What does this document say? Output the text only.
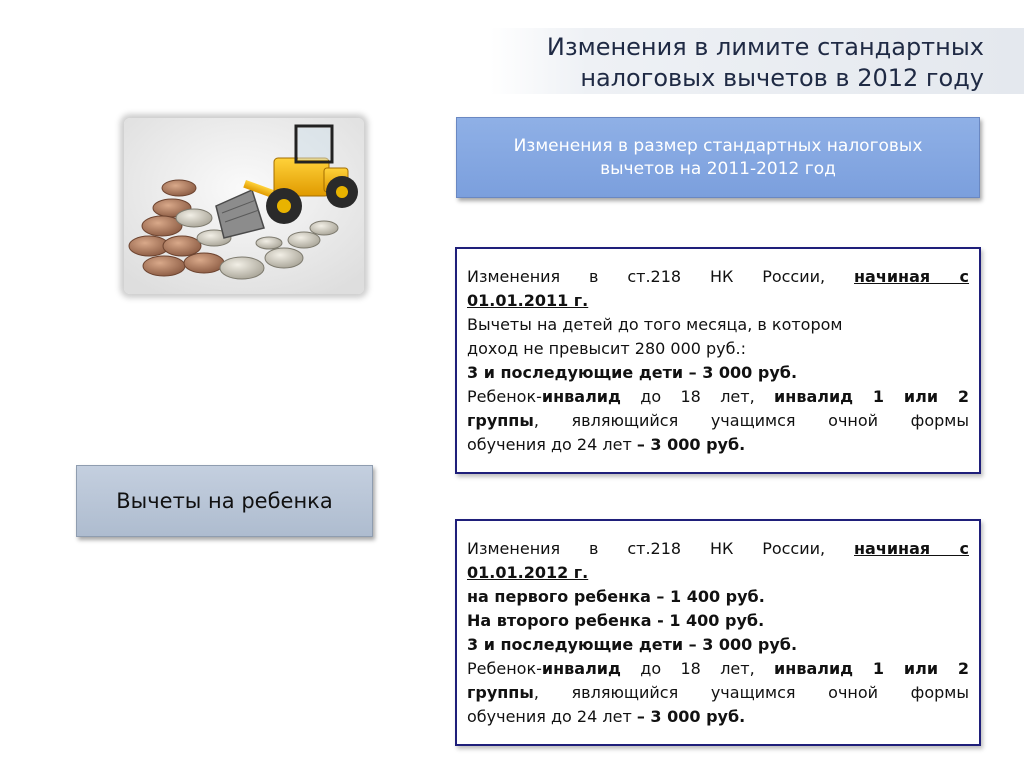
Изменения в лимите стандартных
налоговых вычетов в 2012 году
Изменения в размер стандартных налоговых
вычетов на 2011-2012 год
Изменения в ст.218 НК России, начиная с
01.01.2011 г.
Вычеты на детей до того месяца, в котором
доход не превысит 280 000 руб.:
3 и последующие дети – 3 000 руб.
Ребенок-инвалид до 18 лет, инвалид 1 или 2
группы, являющийся учащимся очной формы
обучения до 24 лет – 3 000 руб.
Вычеты на ребенка
Изменения в ст.218 НК России, начиная с
01.01.2012 г.
на первого ребенка – 1 400 руб.
На второго ребенка - 1 400 руб.
3 и последующие дети – 3 000 руб.
Ребенок-инвалид до 18 лет, инвалид 1 или 2
группы, являющийся учащимся очной формы
обучения до 24 лет – 3 000 руб.
